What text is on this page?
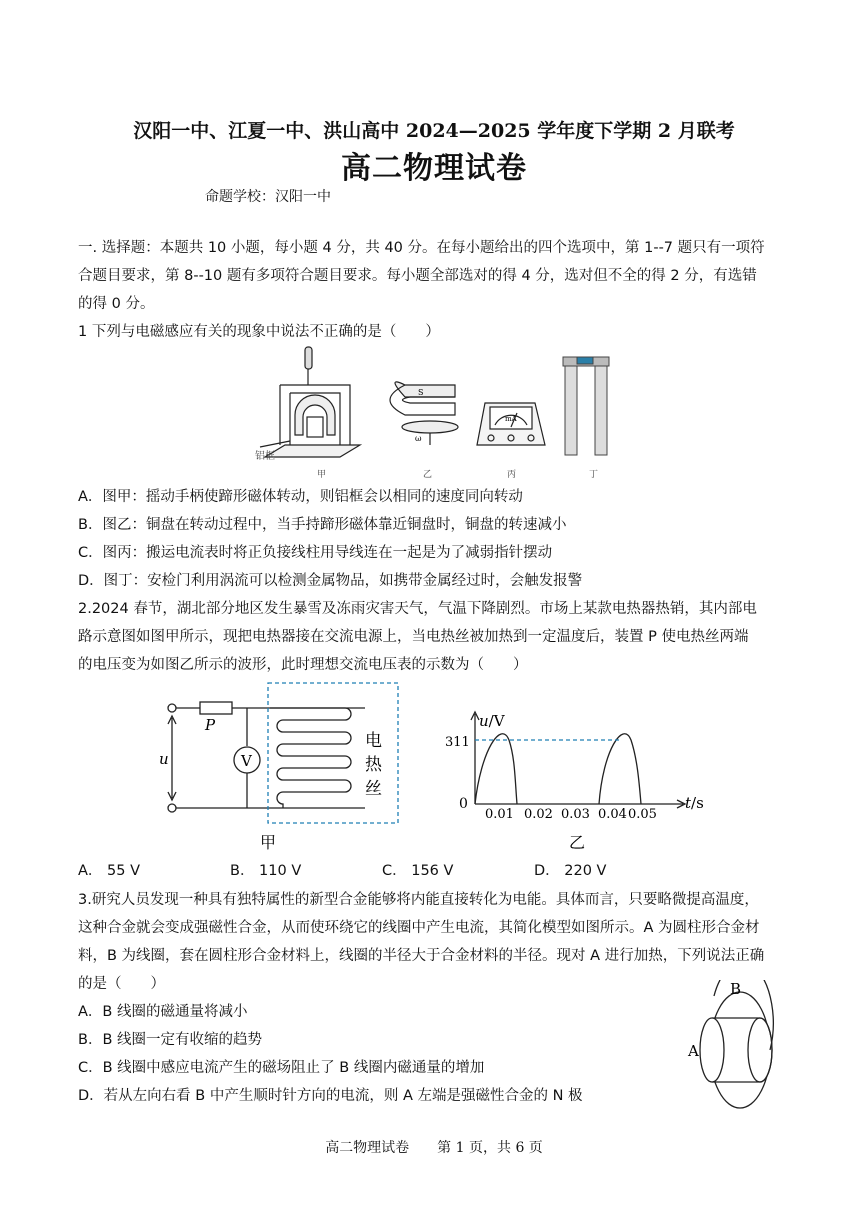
汉阳一中、江夏一中、洪山高中 2024—2025 学年度下学期 2 月联考
高二物理试卷
命题学校：汉阳一中
一. 选择题：本题共 10 小题，每小题 4 分，共 40 分。在每小题给出的四个选项中，第 1--7 题只有一项符
合题目要求，第 8--10 题有多项符合题目要求。每小题全部选对的得 4 分，选对但不全的得 2 分，有选错
的得 0 分。
1 下列与电磁感应有关的现象中说法不正确的是（　　）
铝框
甲
S
ω
乙
mA
丙	丁
A．图甲：摇动手柄使蹄形磁体转动，则铝框会以相同的速度同向转动
B．图乙：铜盘在转动过程中，当手持蹄形磁体靠近铜盘时，铜盘的转速减小
C．图丙：搬运电流表时将正负接线柱用导线连在一起是为了减弱指针摆动
D．图丁：安检门利用涡流可以检测金属物品，如携带金属经过时，会触发报警
2.2024 春节，湖北部分地区发生暴雪及冻雨灾害天气，气温下降剧烈。市场上某款电热器热销，其内部电
路示意图如图甲所示，现把电热器接在交流电源上，当电热丝被加热到一定温度后，装置 P 使电热丝两端
的电压变为如图乙所示的波形，此时理想交流电压表的示数为（　　）
P
V
u
电
热
丝
甲
u/V
311
0
0.01 0.02 0.03 0.04 0.05
t/s
乙
A． 55 V	B． 110 V	C． 156 V	D． 220 V
3.研究人员发现一种具有独特属性的新型合金能够将内能直接转化为电能。具体而言，只要略微提高温度，
这种合金就会变成强磁性合金，从而使环绕它的线圈中产生电流，其简化模型如图所示。A 为圆柱形合金材
料，B 为线圈，套在圆柱形合金材料上，线圈的半径大于合金材料的半径。现对 A 进行加热，下列说法正确
的是（　　）
A．B 线圈的磁通量将减小
B．B 线圈一定有收缩的趋势
C．B 线圈中感应电流产生的磁场阻止了 B 线圈内磁通量的增加
D．若从左向右看 B 中产生顺时针方向的电流，则 A 左端是强磁性合金的 N 极
B
A
高二物理试卷　　第 1 页，共 6 页
